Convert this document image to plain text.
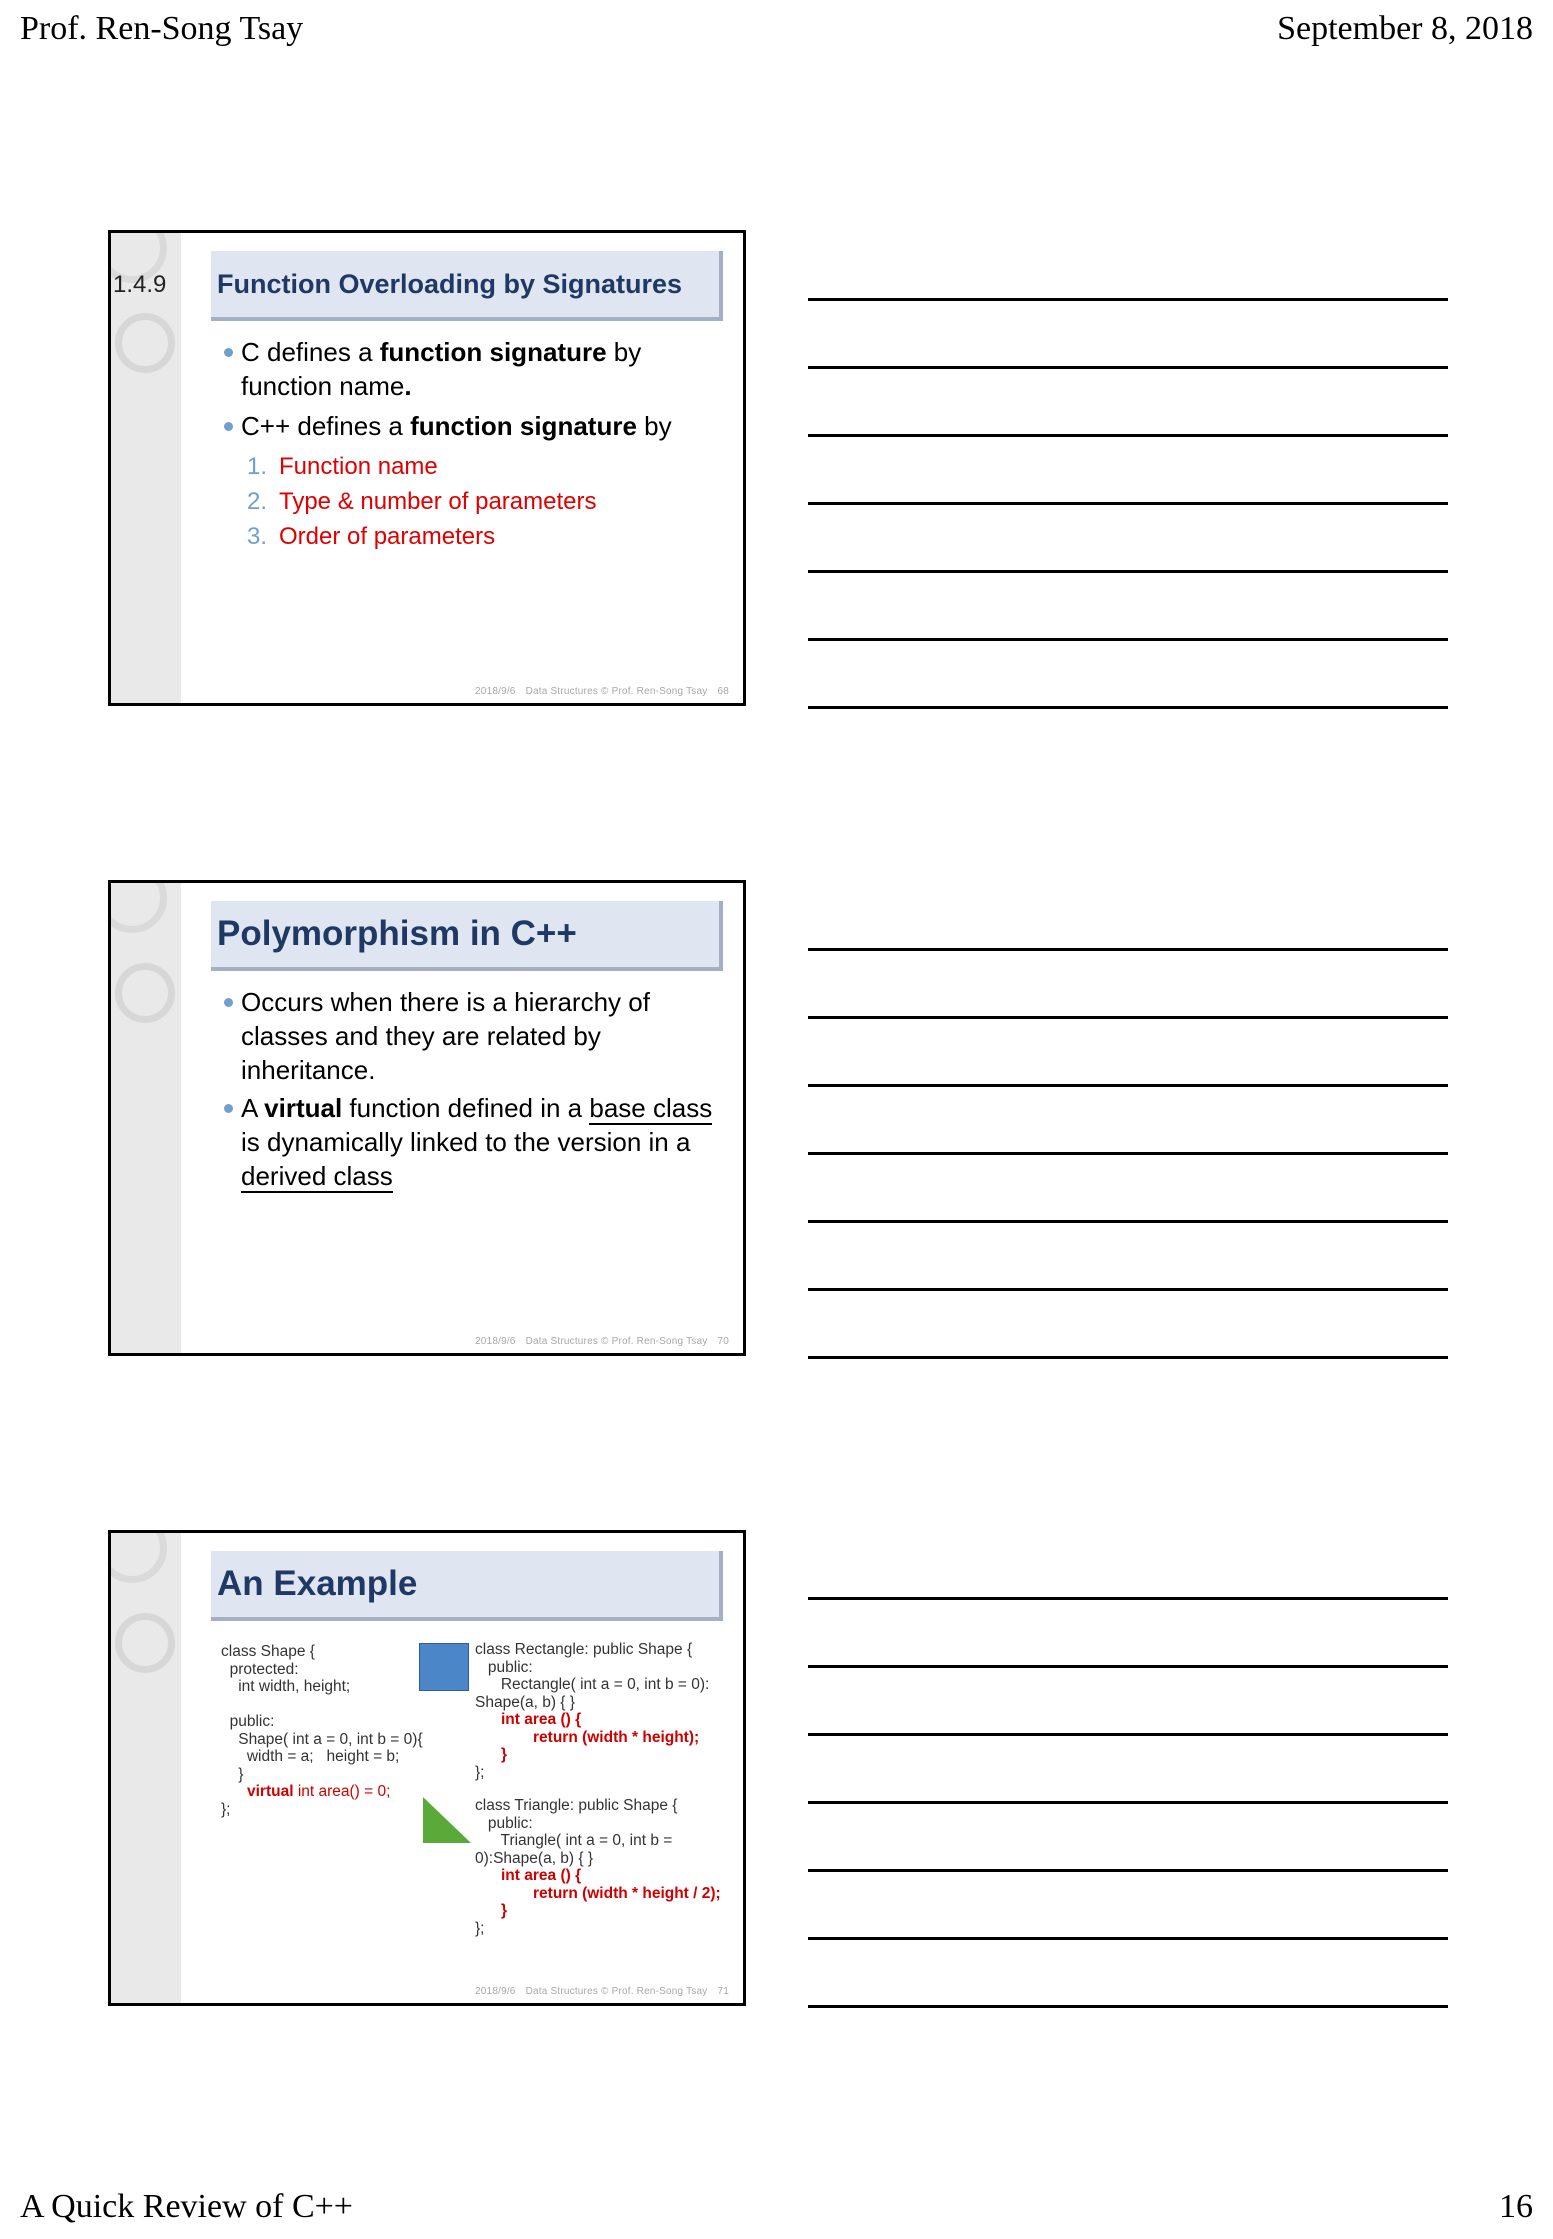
Prof. Ren-Song Tsay	September 8, 2018
1.4.9 Function Overloading by Signatures
C defines a function signature by function name.
C++ defines a function signature by
1. Function name
2. Type & number of parameters
3. Order of parameters
2018/9/6 Data Structures © Prof. Ren-Song Tsay 68
Polymorphism in C++
Occurs when there is a hierarchy of classes and they are related by inheritance.
A virtual function defined in a base class is dynamically linked to the version in a derived class
2018/9/6 Data Structures © Prof. Ren-Song Tsay 70
An Example
class Shape {
protected:
int width, height;

public:
Shape( int a = 0, int b = 0){
width = a;   height = b;
}
virtual int area() = 0;
};
class Rectangle: public Shape {
public:
Rectangle( int a = 0, int b = 0):
Shape(a, b) { }
int area () {
return (width * height);
}
};
class Triangle: public Shape {
public:
Triangle( int a = 0, int b =
0):Shape(a, b) { }
int area () {
return (width * height / 2);
}
};
2018/9/6 Data Structures © Prof. Ren-Song Tsay 71
A Quick Review of C++	16
